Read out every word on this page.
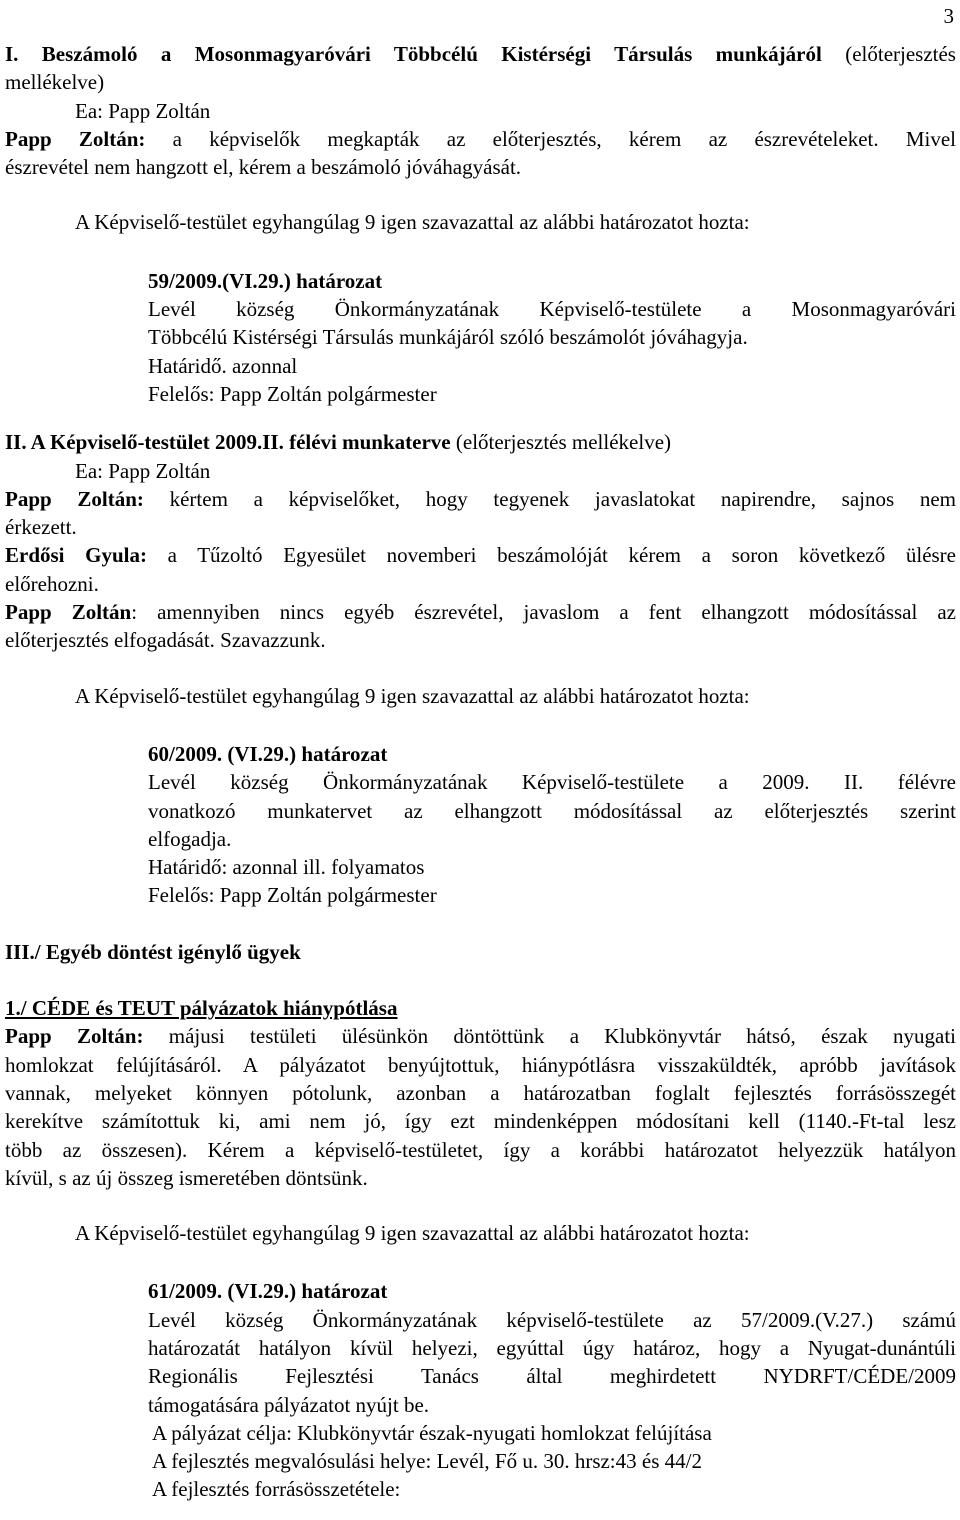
3
I. Beszámoló a Mosonmagyaróvári Többcélú Kistérségi Társulás munkájáról (előterjesztés
mellékelve)
Ea: Papp Zoltán
Papp Zoltán: a képviselők megkapták az előterjesztés, kérem az észrevételeket. Mivel
észrevétel nem hangzott el, kérem a beszámoló jóváhagyását.
A Képviselő-testület egyhangúlag 9 igen szavazattal az alábbi határozatot hozta:
59/2009.(VI.29.) határozat
Levél község Önkormányzatának Képviselő-testülete a Mosonmagyaróvári
Többcélú Kistérségi Társulás munkájáról szóló beszámolót jóváhagyja.
Határidő. azonnal
Felelős: Papp Zoltán polgármester
II. A Képviselő-testület 2009.II. félévi munkaterve (előterjesztés mellékelve)
Ea: Papp Zoltán
Papp Zoltán: kértem a képviselőket, hogy tegyenek javaslatokat napirendre, sajnos nem
érkezett.
Erdősi Gyula: a Tűzoltó Egyesület novemberi beszámolóját kérem a soron következő ülésre
előrehozni.
Papp Zoltán: amennyiben nincs egyéb észrevétel, javaslom a fent elhangzott módosítással az
előterjesztés elfogadását. Szavazzunk.
A Képviselő-testület egyhangúlag 9 igen szavazattal az alábbi határozatot hozta:
60/2009. (VI.29.) határozat
Levél község Önkormányzatának Képviselő-testülete a 2009. II. félévre
vonatkozó munkatervet az elhangzott módosítással az előterjesztés szerint
elfogadja.
Határidő: azonnal ill. folyamatos
Felelős: Papp Zoltán polgármester
III./ Egyéb döntést igénylő ügyek
1./ CÉDE és TEUT pályázatok hiánypótlása
Papp Zoltán: májusi testületi ülésünkön döntöttünk a Klubkönyvtár hátsó, észak nyugati
homlokzat felújításáról. A pályázatot benyújtottuk, hiánypótlásra visszaküldték, apróbb javítások
vannak, melyeket könnyen pótolunk, azonban a határozatban foglalt fejlesztés forrásösszegét
kerekítve számítottuk ki, ami nem jó, így ezt mindenképpen módosítani kell (1140.-Ft-tal lesz
több az összesen). Kérem a képviselő-testületet, így a korábbi határozatot helyezzük hatályon
kívül, s az új összeg ismeretében döntsünk.
A Képviselő-testület egyhangúlag 9 igen szavazattal az alábbi határozatot hozta:
61/2009. (VI.29.) határozat
Levél község Önkormányzatának képviselő-testülete az 57/2009.(V.27.) számú
határozatát hatályon kívül helyezi, egyúttal úgy határoz, hogy a Nyugat-dunántúli
Regionális Fejlesztési Tanács által meghirdetett NYDRFT/CÉDE/2009
támogatására pályázatot nyújt be.
A pályázat célja: Klubkönyvtár észak-nyugati homlokzat felújítása
A fejlesztés megvalósulási helye: Levél, Fő u. 30. hrsz:43 és 44/2
A fejlesztés forrásösszetétele:
